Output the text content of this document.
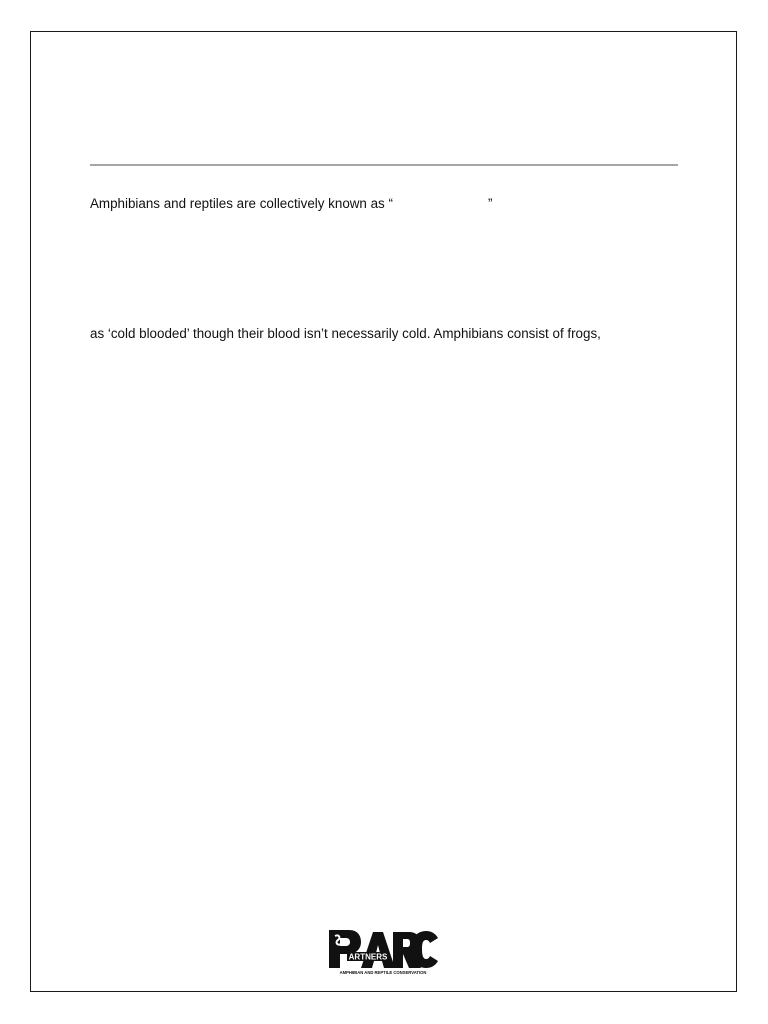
Amphibians and reptiles are collectively known as “	”
as ‘cold blooded’ though their blood isn’t necessarily cold. Amphibians consist of frogs,
ARTNERS
AMPHIBIAN AND REPTILE CONSERVATION
